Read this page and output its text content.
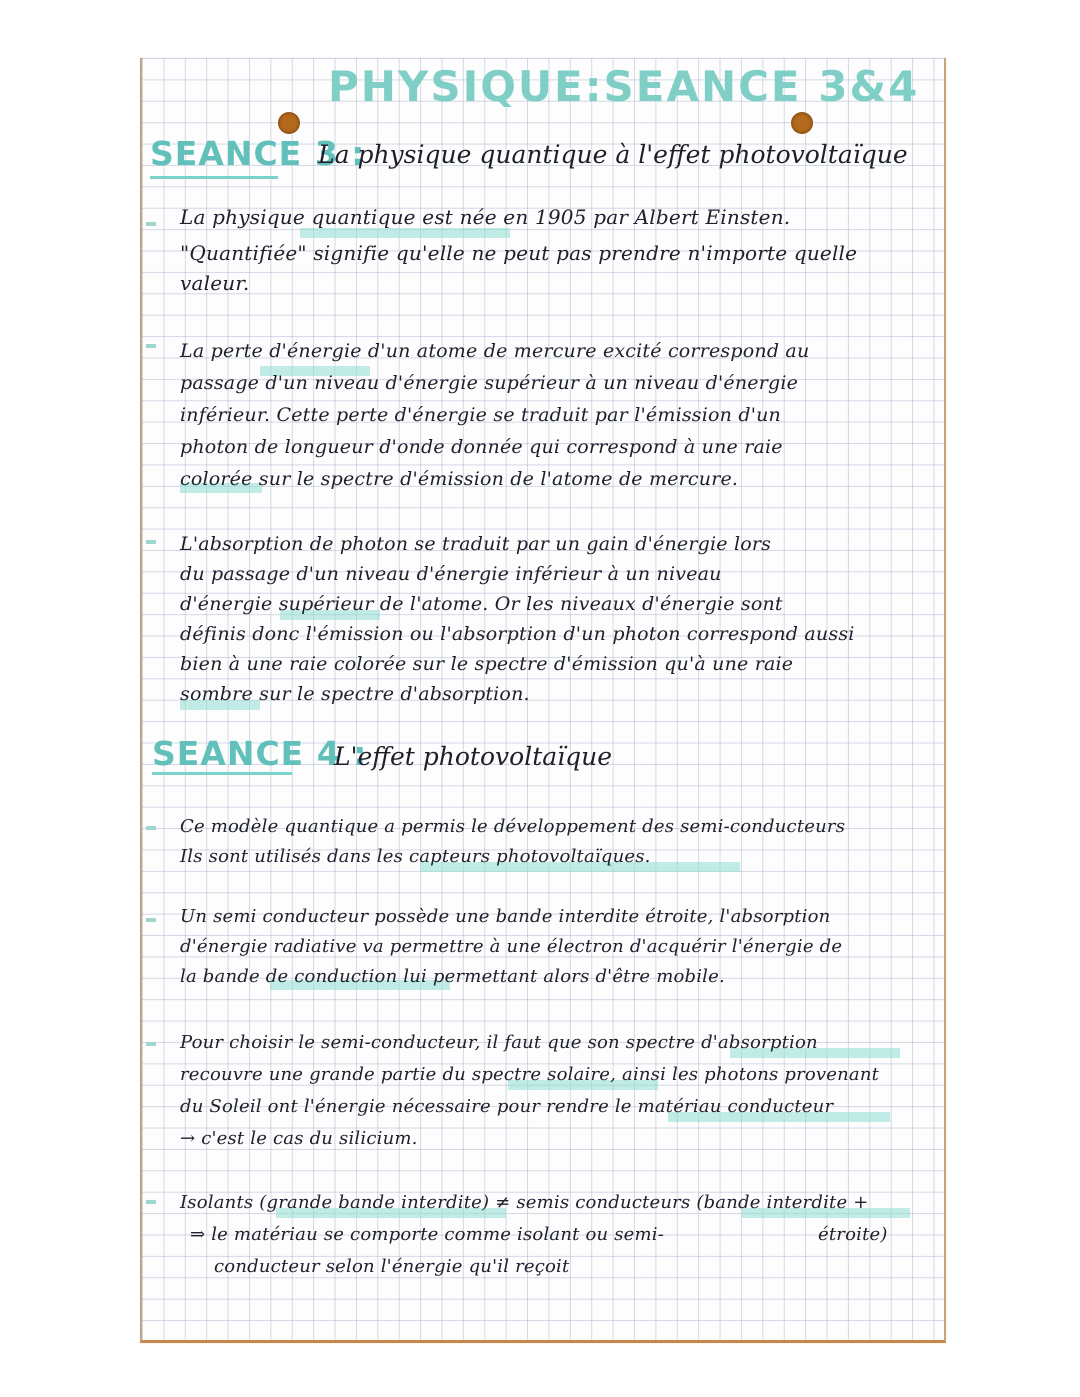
PHYSIQUE:SEANCE 3&4
SEANCE 3 :
La physique quantique à l'effet photovoltaïque
La physique quantique est née en 1905 par Albert Einsten.
"Quantifiée" signifie qu'elle ne peut pas prendre n'importe quelle
valeur.
La perte d'énergie d'un atome de mercure excité correspond au
passage d'un niveau d'énergie supérieur à un niveau d'énergie
inférieur. Cette perte d'énergie se traduit par l'émission d'un
photon de longueur d'onde donnée qui correspond à une raie
colorée sur le spectre d'émission de l'atome de mercure.
L'absorption de photon se traduit par un gain d'énergie lors
du passage d'un niveau d'énergie inférieur à un niveau
d'énergie supérieur de l'atome. Or les niveaux d'énergie sont
définis donc l'émission ou l'absorption d'un photon correspond aussi
bien à une raie colorée sur le spectre d'émission qu'à une raie
sombre sur le spectre d'absorption.
SEANCE 4 :
L'effet photovoltaïque
Ce modèle quantique a permis le développement des semi-conducteurs
Ils sont utilisés dans les capteurs photovoltaïques.
Un semi conducteur possède une bande interdite étroite, l'absorption
d'énergie radiative va permettre à une électron d'acquérir l'énergie de
la bande de conduction lui permettant alors d'être mobile.
Pour choisir le semi-conducteur, il faut que son spectre d'absorption
recouvre une grande partie du spectre solaire, ainsi les photons provenant
du Soleil ont l'énergie nécessaire pour rendre le matériau conducteur
→ c'est le cas du silicium.
Isolants (grande bande interdite) ≠ semis conducteurs (bande interdite +
⇒ le matériau se comporte comme isolant ou semi-	étroite)
conducteur selon l'énergie qu'il reçoit
